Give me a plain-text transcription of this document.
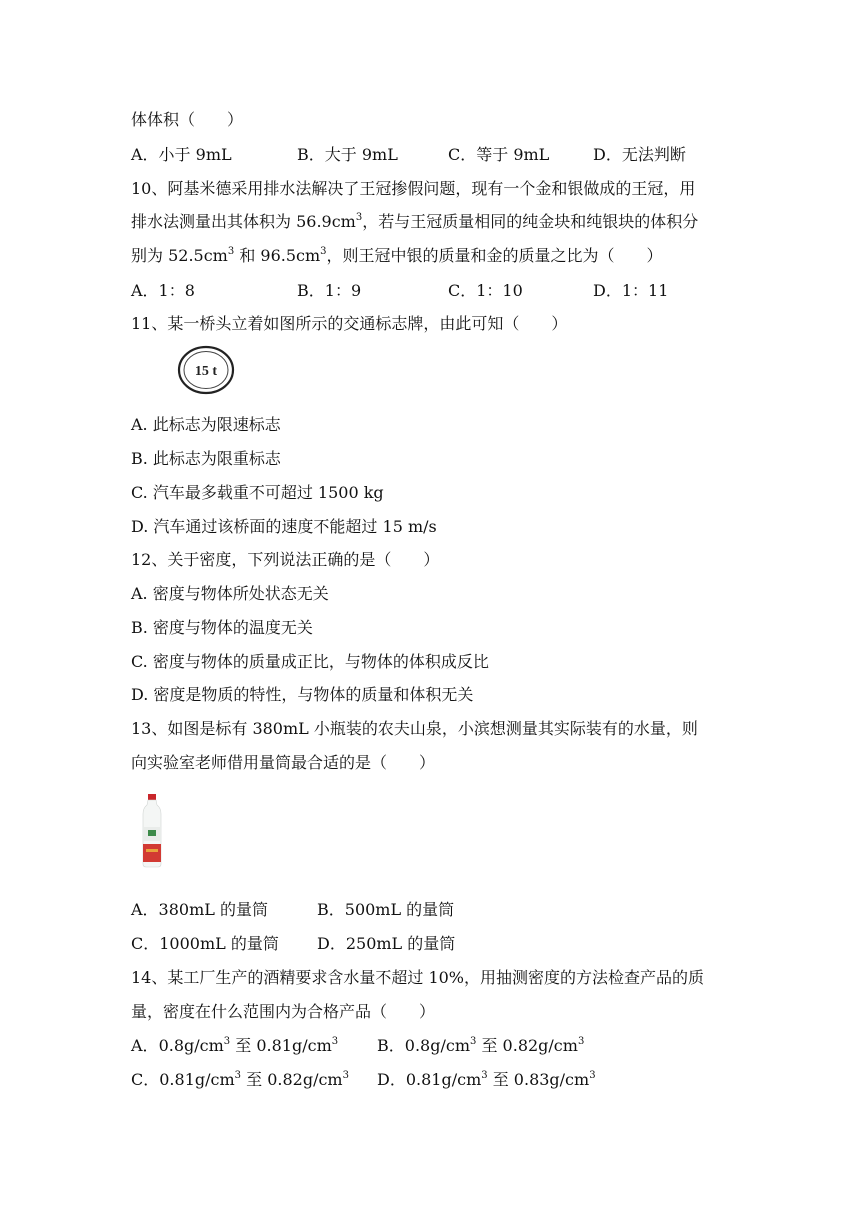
体体积（　　）
A．小于 9mL	B．大于 9mL	C．等于 9mL	D．无法判断
10、阿基米德采用排水法解决了王冠掺假问题，现有一个金和银做成的王冠，用
排水法测量出其体积为 $56.9cm^3$，若与王冠质量相同的纯金块和纯银块的体积分
别为 $52.5cm^3$ 和 $96.5cm^3$，则王冠中银的质量和金的质量之比为（　　）
A．1：8	B．1：9	C．1：10	D．1：11
11、某一桥头立着如图所示的交通标志牌，由此可知（　　）
15 t
A. 此标志为限速标志
B. 此标志为限重标志
C. 汽车最多载重不可超过 1500 kg
D. 汽车通过该桥面的速度不能超过 15 m/s
12、关于密度，下列说法正确的是（　　）
A. 密度与物体所处状态无关
B. 密度与物体的温度无关
C. 密度与物体的质量成正比，与物体的体积成反比
D. 密度是物质的特性，与物体的质量和体积无关
13、如图是标有 380mL 小瓶装的农夫山泉，小滨想测量其实际装有的水量，则
向实验室老师借用量筒最合适的是（　　）
A．380mL 的量筒	B．500mL 的量筒
C．1000mL 的量筒 D．250mL 的量筒
14、某工厂生产的酒精要求含水量不超过 10%，用抽测密度的方法检查产品的质
量，密度在什么范围内为合格产品（　　）
A．$0.8g/cm^3$ 至 $0.81g/cm^3$ B．$0.8g/cm^3$ 至 $0.82g/cm^3$
C．$0.81g/cm^3$ 至 $0.82g/cm^3$ D．$0.81g/cm^3$ 至 $0.83g/cm^3$
